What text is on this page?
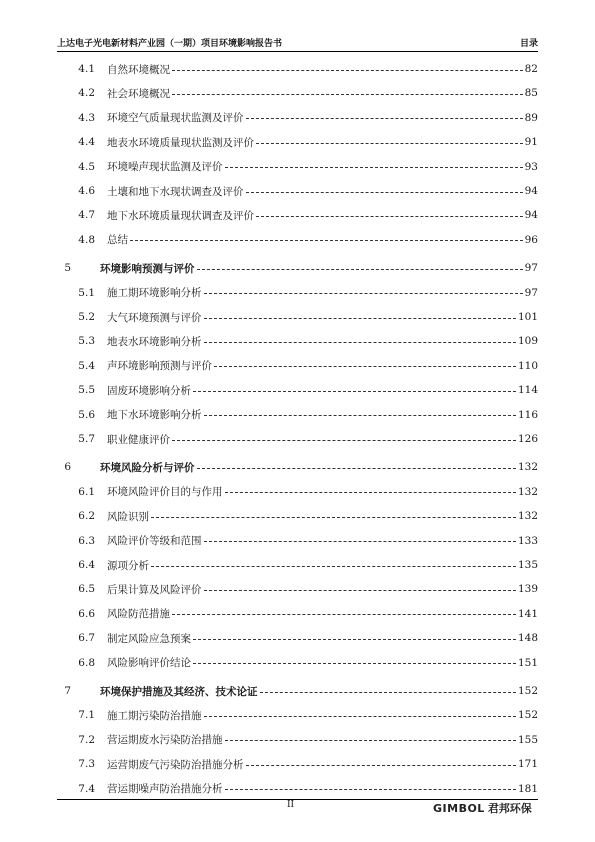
上达电子光电新材料产业园（一期）项目环境影响报告书	目录
4.1 自然环境概况	82
4.2 社会环境概况	85
4.3 环境空气质量现状监测及评价	89
4.4 地表水环境质量现状监测及评价	91
4.5 环境噪声现状监测及评价	93
4.6 土壤和地下水现状调查及评价	94
4.7 地下水环境质量现状调查及评价	94
4.8 总结	96
5	环境影响预测与评价	97
5.1 施工期环境影响分析	97
5.2 大气环境预测与评价	101
5.3 地表水环境影响分析	109
5.4 声环境影响预测与评价	110
5.5 固废环境影响分析	114
5.6 地下水环境影响分析	116
5.7 职业健康评价	126
6	环境风险分析与评价	132
6.1 环境风险评价目的与作用	132
6.2 风险识别	132
6.3 风险评价等级和范围	133
6.4 源项分析	135
6.5 后果计算及风险评价	139
6.6 风险防范措施	141
6.7 制定风险应急预案	148
6.8 风险影响评价结论	151
7	环境保护措施及其经济、技术论证	152
7.1 施工期污染防治措施	152
7.2 营运期废水污染防治措施	155
7.3 运营期废气污染防治措施分析	171
7.4 营运期噪声防治措施分析	181
II	GIMBOL 君邦环保
